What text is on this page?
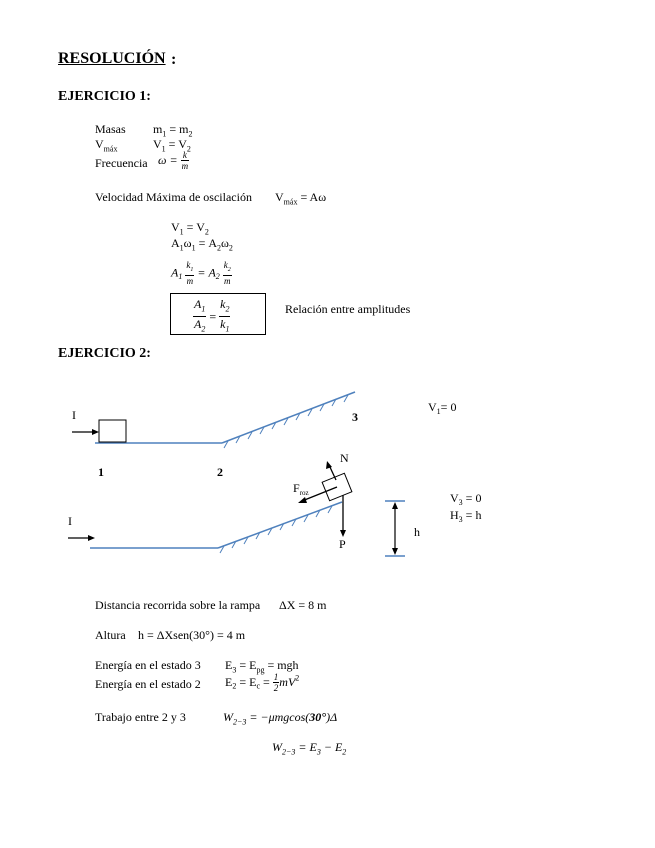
RESOLUCIÓN :
EJERCICIO 1:
Masas $m_1 = m_2$
$V_{máx}$	$V_1 = V_2$
Frecuencia $\omega = \frac{k}{m}$
Velocidad Máxima de oscilación $V_{máx} = A\omega$
$V_1 = V_2$
$A_1\omega_1 = A_2\omega_2$
$A_1 \frac{k_1}{m} = A_2 \frac{k_2}{m}$
$\frac{A_1}{A_2} = \frac{k_2}{k_1}$	Relación entre amplitudes
EJERCICIO 2:
I
1	2
3
$V_1= 0$
N
$F_{roz}$
P
I
h
$V_3 = 0$
$H_3 = h$
Distancia recorrida sobre la rampa ΔX = 8 m
Altura h = ΔXsen(30°) = 4 m
Energía en el estado 3 $E_3 = E_{pg}$ = mgh
Energía en el estado 2 $E_2 = E_c = \frac{1}{2} mV^2$
Trabajo entre 2 y 3	$W_{2-3} = -\mu mgcos(30^\circ)\Delta$
$W_{2-3} = E_3 - E_2$
